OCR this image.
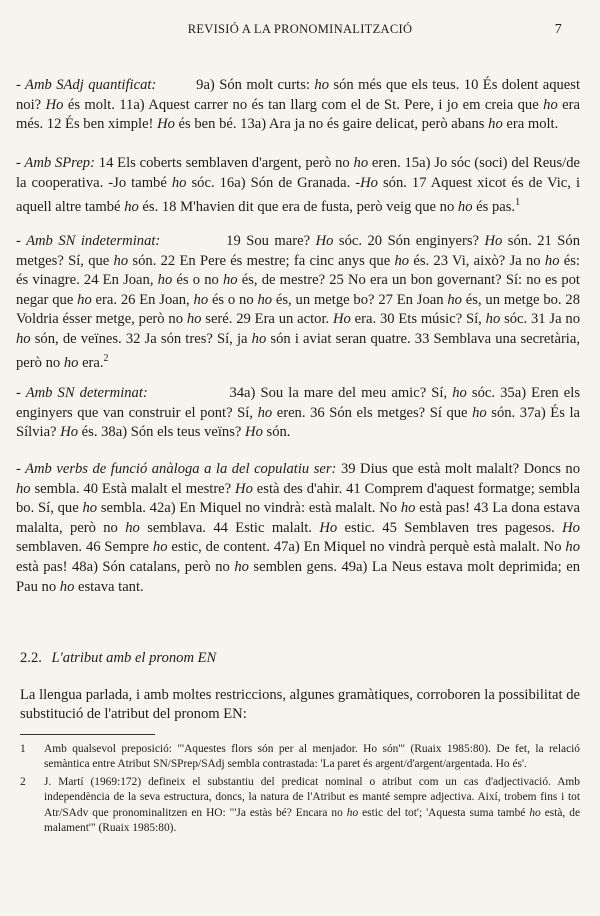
REVISIÓ A LA PRONOMINALITZACIÓ	7
- Amb SAdj quantificat:	9a) Són molt curts: ho són més que els teus. 10 És dolent aquest noi? Ho és molt. 11a) Aquest carrer no és tan llarg com el de St. Pere, i jo em creia que ho era més. 12 És ben ximple! Ho és ben bé. 13a) Ara ja no és gaire delicat, però abans ho era molt.
- Amb SPrep: 14 Els coberts semblaven d'argent, però no ho eren. 15a) Jo sóc (soci) del Reus/de la cooperativa. -Jo també ho sóc. 16a) Són de Granada. -Ho són. 17 Aquest xicot és de Vic, i aquell altre també ho és. 18 M'havien dit que era de fusta, però veig que no ho és pas.$^1$
- Amb SN indeterminat:	19 Sou mare? Ho sóc. 20 Són enginyers? Ho són. 21 Són metges? Sí, que ho són. 22 En Pere és mestre; fa cinc anys que ho és. 23 Vi, això? Ja no ho és: és vinagre. 24 En Joan, ho és o no ho és, de mestre? 25 No era un bon governant? Sí: no es pot negar que ho era. 26 En Joan, ho és o no ho és, un metge bo? 27 En Joan ho és, un metge bo. 28 Voldria ésser metge, però no ho seré. 29 Era un actor. Ho era. 30 Ets músic? Sí, ho sóc. 31 Ja no ho són, de veïnes. 32 Ja són tres? Sí, ja ho són i aviat seran quatre. 33 Semblava una secretària, però no ho era.$^2$
- Amb SN determinat:	34a) Sou la mare del meu amic? Sí, ho sóc. 35a) Eren els enginyers que van construir el pont? Sí, ho eren. 36 Són els metges? Sí que ho són. 37a) És la Sílvia? Ho és. 38a) Són els teus veïns? Ho són.
- Amb verbs de funció anàloga a la del copulatiu ser: 39 Dius que està molt malalt? Doncs no ho sembla. 40 Està malalt el mestre? Ho està des d'ahir. 41 Comprem d'aquest formatge; sembla bo. Sí, que ho sembla. 42a) En Miquel no vindrà: està malalt. No ho està pas! 43 La dona estava malalta, però no ho semblava. 44 Estic malalt. Ho estic. 45 Semblaven tres pagesos. Ho semblaven. 46 Sempre ho estic, de content. 47a) En Miquel no vindrà perquè està malalt. No ho està pas! 48a) Són catalans, però no ho semblen gens. 49a) La Neus estava molt deprimida; en Pau no ho estava tant.
2.2. L'atribut amb el pronom EN
La llengua parlada, i amb moltes restriccions, algunes gramàtiques, corroboren la possibilitat de substitució de l'atribut del pronom EN:
1 Amb qualsevol preposició: "'Aquestes flors són per al menjador. Ho són'" (Ruaix 1985:80). De fet, la relació semàntica entre Atribut SN/SPrep/SAdj sembla contrastada: 'La paret és argent/d'argent/argentada. Ho és'.
2 J. Martí (1969:172) defineix el substantiu del predicat nominal o atribut com un cas d'adjectivació. Amb independència de la seva estructura, doncs, la natura de l'Atribut es manté sempre adjectiva. Així, trobem fins i tot Atr/SAdv que pronominalitzen en HO: "'Ja estàs bé? Encara no ho estic del tot'; 'Aquesta suma també ho està, de malament'" (Ruaix 1985:80).
